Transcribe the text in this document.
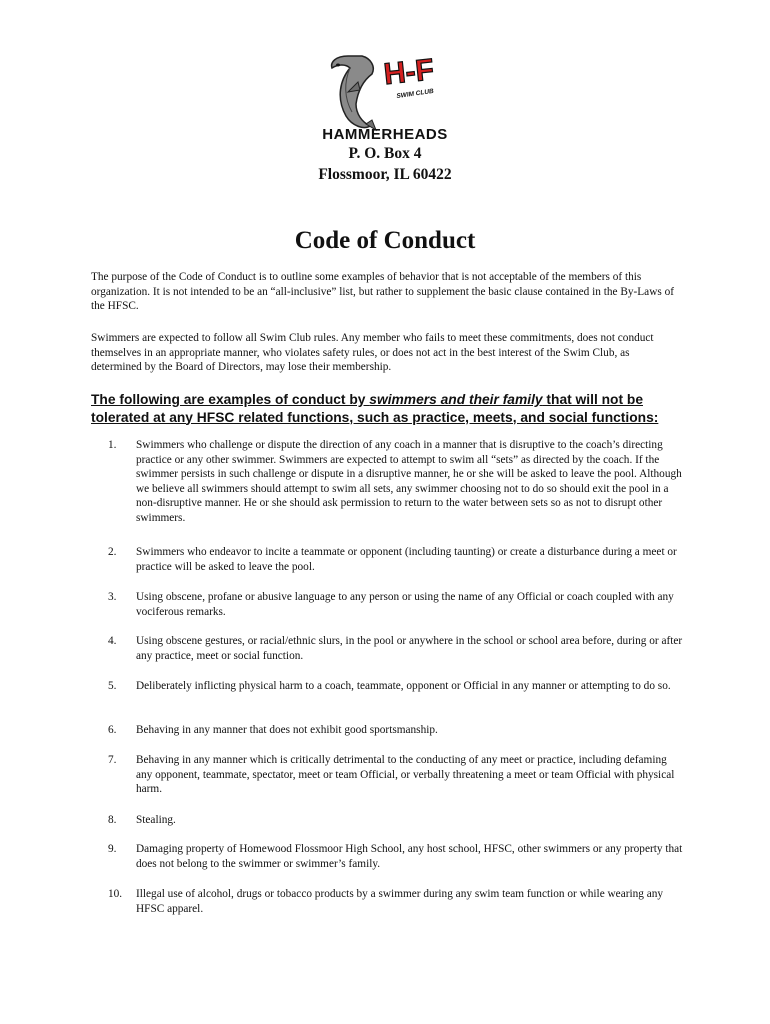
H-F
SWIM CLUB
HAMMERHEADS
P. O. Box 4
Flossmoor, IL 60422
Code of Conduct
The purpose of the Code of Conduct is to outline some examples of behavior that is not acceptable of the members of this organization. It is not intended to be an “all-inclusive” list, but rather to supplement the basic clause contained in the By-Laws of the HFSC.
Swimmers are expected to follow all Swim Club rules. Any member who fails to meet these commitments, does not conduct themselves in an appropriate manner, who violates safety rules, or does not act in the best interest of the Swim Club, as determined by the Board of Directors, may lose their membership.
The following are examples of conduct by swimmers and their family that will not be tolerated at any HFSC related functions, such as practice, meets, and social functions:
1.	Swimmers who challenge or dispute the direction of any coach in a manner that is disruptive to the coach’s directing practice or any other swimmer. Swimmers are expected to attempt to swim all “sets” as directed by the coach. If the swimmer persists in such challenge or dispute in a disruptive manner, he or she will be asked to leave the pool. Although we believe all swimmers should attempt to swim all sets, any swimmer choosing not to do so should exit the pool in a non-disruptive manner. He or she should ask permission to return to the water between sets so as not to disrupt other swimmers.
2.	Swimmers who endeavor to incite a teammate or opponent (including taunting) or create a disturbance during a meet or practice will be asked to leave the pool.
3.	Using obscene, profane or abusive language to any person or using the name of any Official or coach coupled with any vociferous remarks.
4.	Using obscene gestures, or racial/ethnic slurs, in the pool or anywhere in the school or school area before, during or after any practice, meet or social function.
5.	Deliberately inflicting physical harm to a coach, teammate, opponent or Official in any manner or attempting to do so.
6.	Behaving in any manner that does not exhibit good sportsmanship.
7.	Behaving in any manner which is critically detrimental to the conducting of any meet or practice, including defaming any opponent, teammate, spectator, meet or team Official, or verbally threatening a meet or team Official with physical harm.
8.	Stealing.
9.	Damaging property of Homewood Flossmoor High School, any host school, HFSC, other swimmers or any property that does not belong to the swimmer or swimmer’s family.
10.	Illegal use of alcohol, drugs or tobacco products by a swimmer during any swim team function or while wearing any HFSC apparel.
